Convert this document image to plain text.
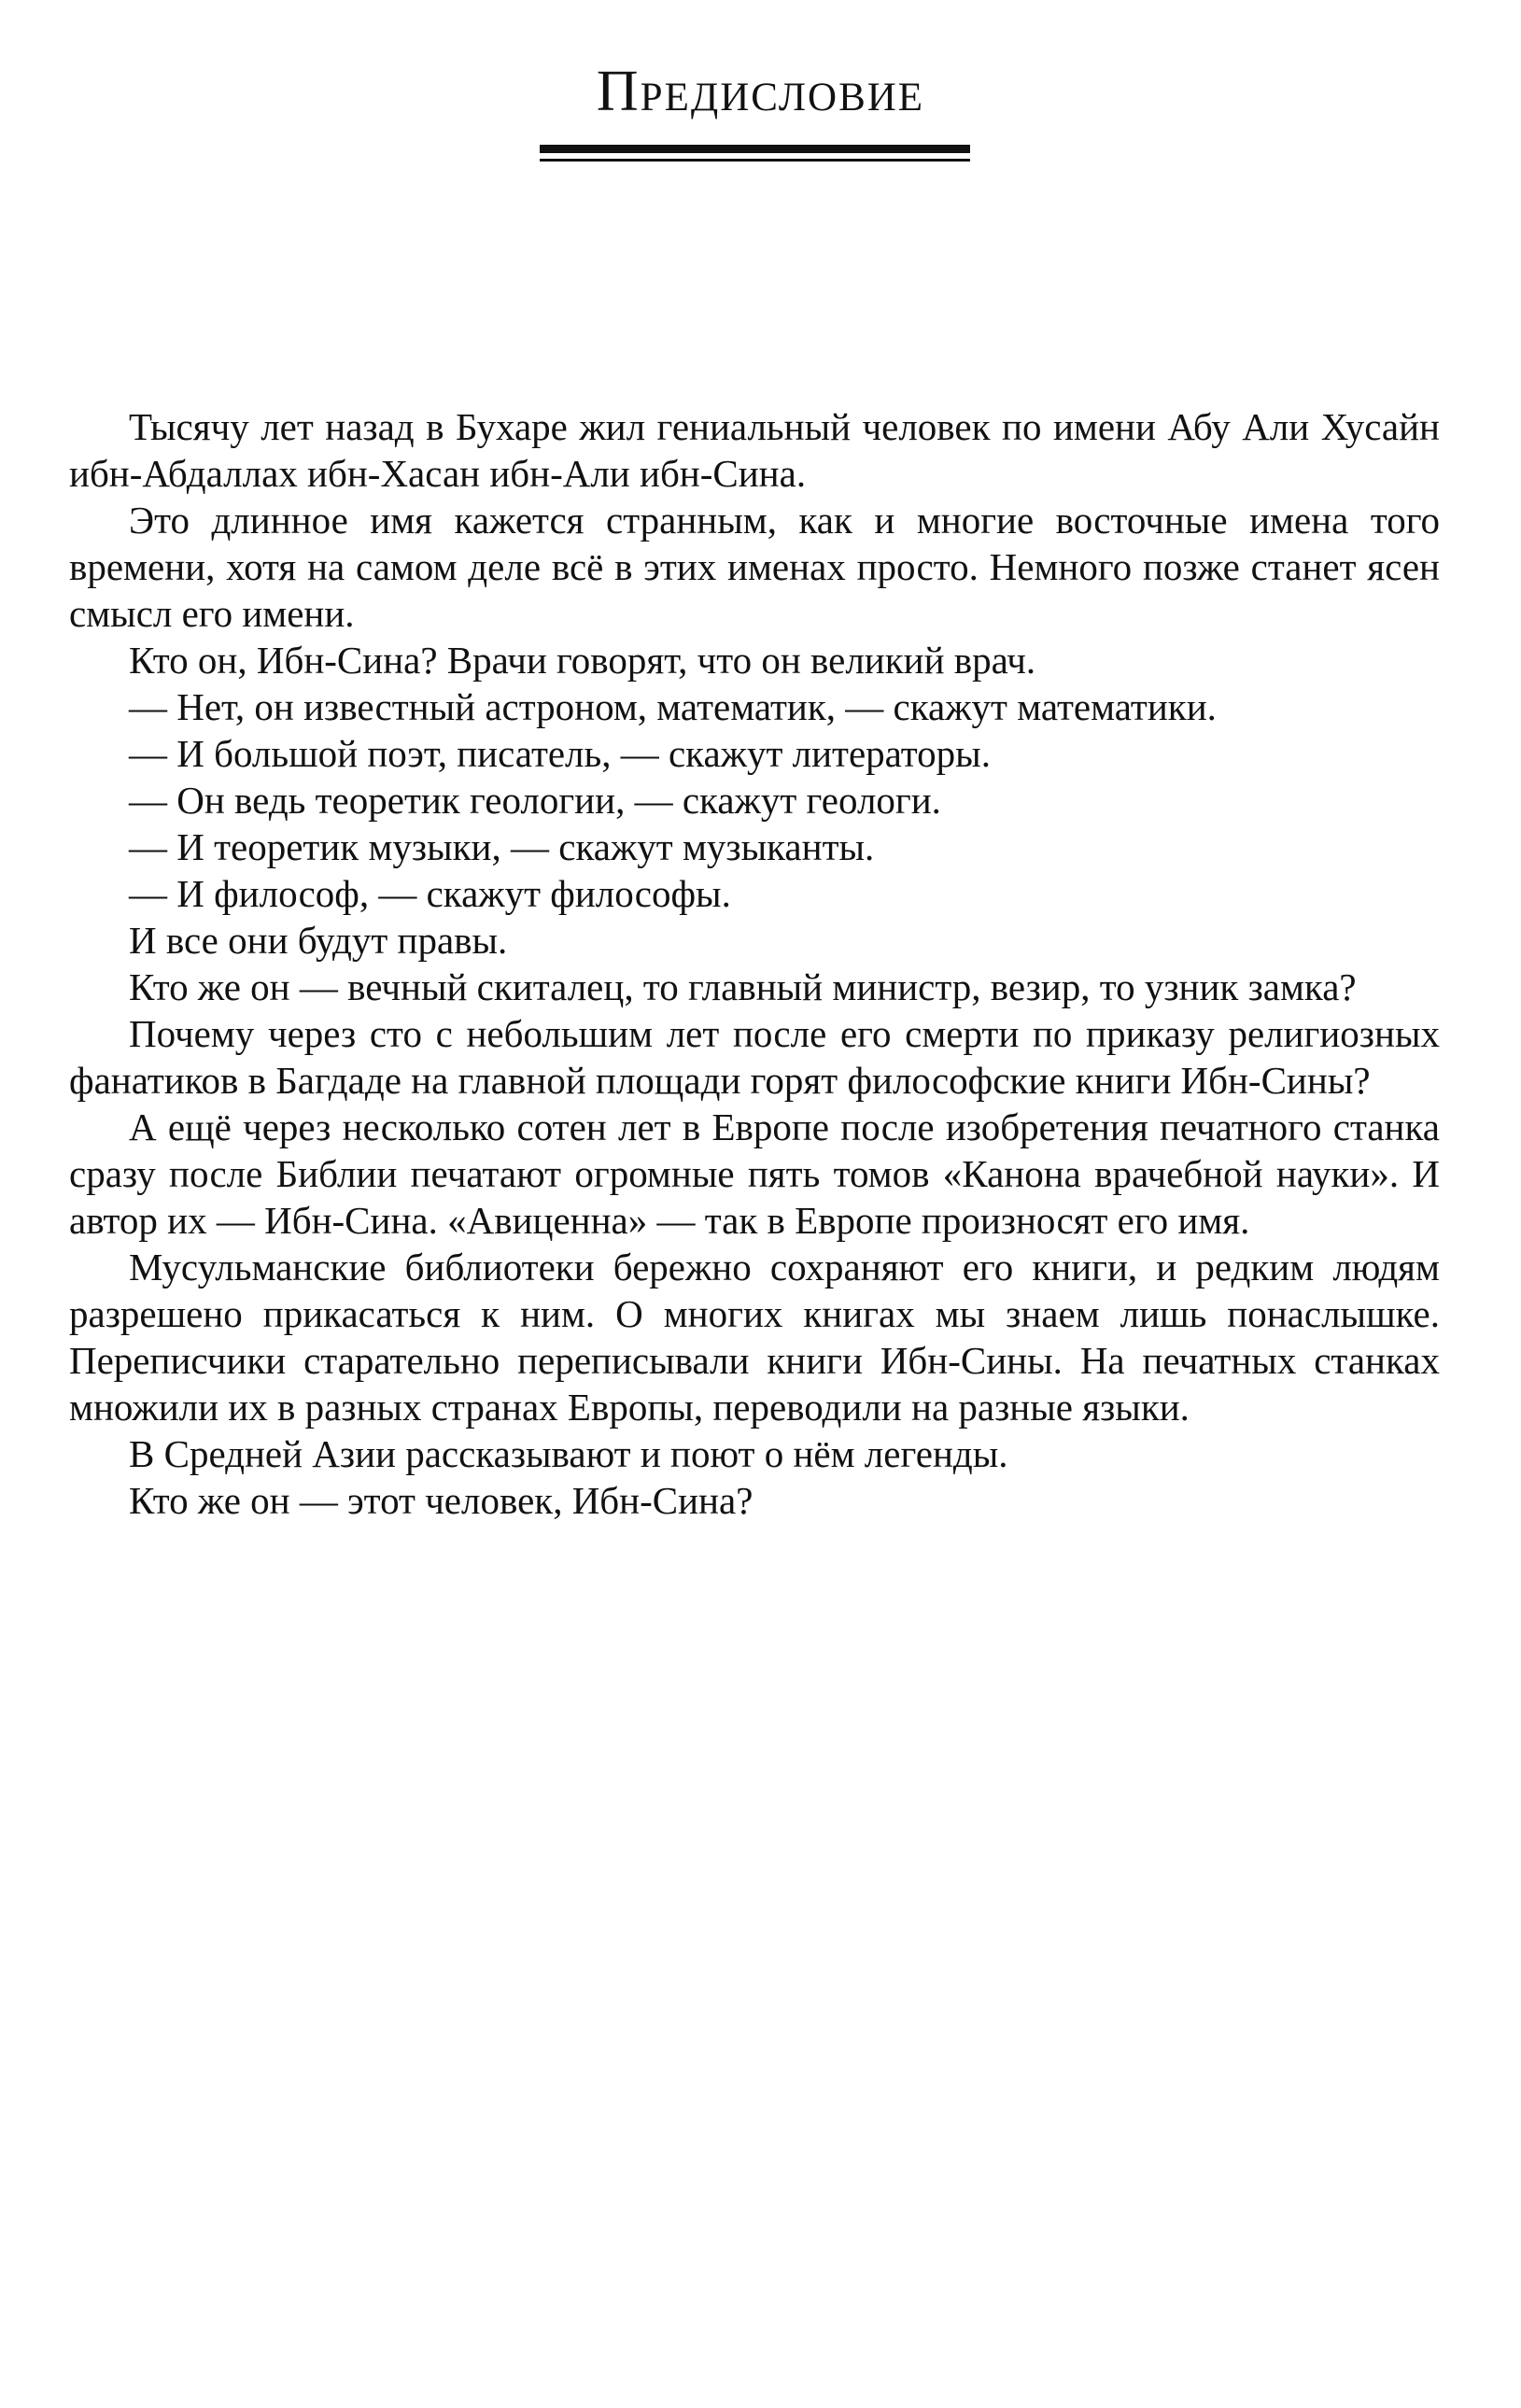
Предисловие

Тысячу лет назад в Бухаре жил гениальный человек по имени Абу Али Хусайн ибн-Абдаллах ибн-Хасан ибн-Али ибн-Сина.

Это длинное имя кажется странным, как и многие восточные имена того времени, хотя на самом деле всё в этих именах просто. Немного позже станет ясен смысл его имени.

Кто он, Ибн-Сина? Врачи говорят, что он великий врач.

— Нет, он известный астроном, математик, — скажут математики.

— И большой поэт, писатель, — скажут литераторы.

— Он ведь теоретик геологии, — скажут геологи.

— И теоретик музыки, — скажут музыканты.

— И философ, — скажут философы.

И все они будут правы.

Кто же он — вечный скиталец, то главный министр, везир, то узник замка?

Почему через сто с небольшим лет после его смерти по приказу религиозных фанатиков в Багдаде на главной площади горят философские книги Ибн-Сины?

А ещё через несколько сотен лет в Европе после изобретения печатного станка сразу после Библии печатают огромные пять томов «Канона врачебной науки». И автор их — Ибн-Сина. «Авиценна» — так в Европе произносят его имя.

Мусульманские библиотеки бережно сохраняют его книги, и редким людям разрешено прикасаться к ним. О многих книгах мы знаем лишь понаслышке. Переписчики старательно переписывали книги Ибн-Сины. На печатных станках множили их в разных странах Европы, переводили на разные языки.

В Средней Азии рассказывают и поют о нём легенды.

Кто же он — этот человек, Ибн-Сина?
